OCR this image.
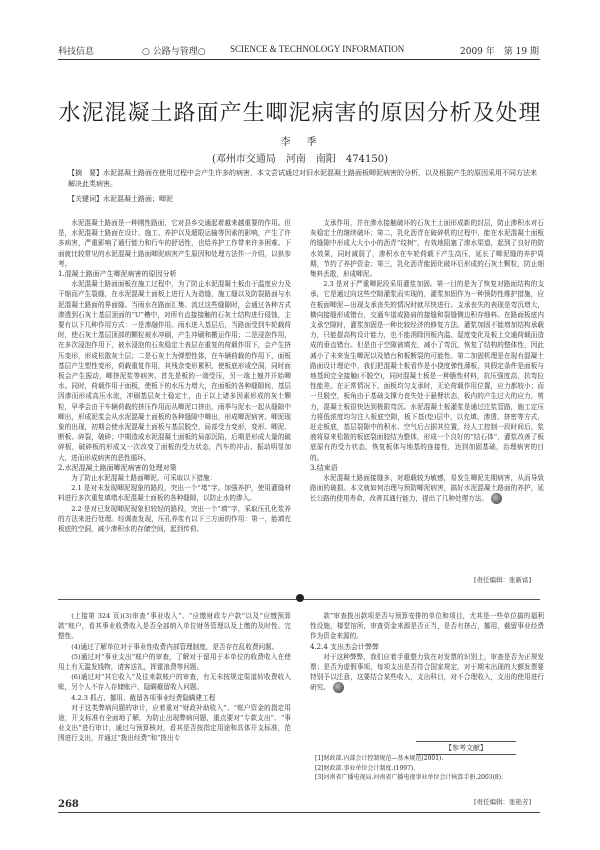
科技信息	○ 公路与管理○	SCIENCE & TECHNOLOGY INFORMATION	2009 年　第 19 期
水泥混凝土路面产生唧泥病害的原因分析及处理
李　季
(邓州市交通局　河南　南阳　474150)
【摘　要】水泥混凝土路面在使用过程中会产生许多的病害，本文尝试通过对旧水泥混凝土路面板唧泥病害的分析，以及根据产生的原因采用不同方法来解决此类病害。
【关键词】水泥混凝土路面；唧泥

水泥混凝土路面是一种刚性路面，它对县乡交通起着越来越重要的作用。但是，水泥混凝土路面在设计、施工、养护以及超限运输等因素的影响，产生了许多病害，严重影响了通行能力和行车的舒适性，也给养护工作带来许多困难。下面就比较常见的水泥混凝土路面唧泥病害产生原因和处理方法作一介绍，以供参考。

1.混凝土路面产生唧泥病害的原因分析

水泥混凝土路面面板在施工过程中，为了防止水泥混凝土板由于温度应力及干缩而产生裂缝，在水泥混凝土面板上进行人为造缝，施工缝以及防裂路面与水泥混凝土路面的界面缝。当雨水在路面汇集、流过这些缝隙时，会通过各种方式渗透到石灰土基层顶面的“U”槽中，对所有直接接触的石灰土结构进行侵蚀，主要有以下几种作用方式：一是渗融作用。雨水进入基层后，当路面受到车轮载荷时，使石灰土基层顶部的颗粒被水冲刷，产生冲刷和搬运作用；二是浸泡作用，在多次浸泡作用下，被水浸泡的石灰稳定土表层在重复的荷载作用下，会产生挤压变形，形成松散灰土层；二是石灰土为弹塑性体，在车辆荷载的作用下，面板基层产生塑性变形，荷载重复作用，其残余变形累积，使板底形成空洞，同时面板会产生振动，唧挤泥浆等病害。首先是板的一端受压，另一端上翘并开始唧水。同时，荷载作用于面板，使板下的水压力增大，在面板的各种缝隙间，基层因渗而形成高压水流，冲刷基层灰土稳定土，由于以上诸多因素形成的灰土颗粒，早季会由干车辆荷载的挤压作用而从唧泥口挤出，雨季与泥水一起从缝隙中唧出，形成泥浆会从水泥混凝土面板的各种缝隙中唧出，形成唧泥病害。唧泥现象的出现，初期会使水泥混凝土面板与基层脱空，局部受力变形，变形、唧泥、断板、碎裂，破碎；中期造成水泥混凝土面板的局部沉陷，后期是形成大量的破碎板，破碎板的形成又一次改变了面板的受力状态，汽车的冲击、振动明显加大，进而形成病害的恶性循环。

2.水泥混凝土路面唧泥病害的处理对策

为了防止水泥混凝土路面唧泥，可采取以下措施：

2.1 是对未发现唧泥现象的路段，突出一个“堵”字。加强养护，使用灌缝材料进行多次重复填堵水泥混凝土面板的各种缝隙，以防止水的渗入。

2.2 是对已发现唧泥现象但较轻的路段，突出一个“填”字，采取压孔化浆养的方法来进行处理。经调查发现，压孔养浆有以下三方面的作用：第一，能填充板底的空洞，减少渗积水的存储空间，起到传荷、

支承作用，并在渗水接触破坏的石灰土上面形成新的封层，防止渗积水对石灰稳定土的继续破坏；第二，乳化沥青在破碎机的过程中，能在水泥混凝土面板的缝隙中形成大大小小的沥青“纹树”，有效地阻塞了渗水渠道，起到了良好的防水效果，同时减弱了，渗积水在车轮荷载下产生高压，延长了唧泥缝的养护周期，节约了养护资金；第三，乳化沥青能固化破坏后形成的石灰土颗粒，防止细集料丢散，形成唧泥。

2.3 是对于严重唧泥段采用灌浆加固。第一目的是为了恢复对路面结构的支承，它是通过向这些空隙灌浆而实现的，灌浆加固作为一种预防性维护措施，应在板面唧泥—出现支承丧失的情况时就尽快进行。支承丧失的表现是弯沉增大，横向接缝形成错台，交通车道或路肩的接缝和裂缝侧边积存细料。在路面板底内支承空隙时，灌浆加固是一种比较经济的修复方法。灌浆加固不能增加结构承载力，只能提高构设计能力，也不能消除因板内温、湿度变化及板上交通荷载而造成的垂直错台。但是由于空隙被填充，减小了弯沉，恢复了结构的整体性，因此减小了未来发生唧泥以及错台和板断裂的可能性。第二加固机理是在现有混凝土路面设计理论中，我们把混凝土板看作是小挠度弹性薄板，其假定条件是面板与地基间完全接触(不脱空)，同时混凝土板是一种脆性材料，抗压强度高，抗弯拉性能差。在正常情况下，面板均匀支承时，无论荷载作用位置，应力都较小；而一旦脱空，板角由于基础支撑力丧失处于悬臂状态，板内的产生过大的应力，剪力，混凝土板很快达到极限弯沉。水泥混凝土板灌浆是通过注浆管路，施工定压力将低浓度均匀注入板底空隙，板下基(垫)层中，以充填、渗透、挤密等方式，赶走板底，基层裂隙中的积水、空气后占据其位置，经人工控制一段时间后，浆液将原来松散的板底裂面胶结为整体，形成一个良好的“结石体”，灌浆改善了板底原有的受力状态，恢复板体与地基的连接性，达到加固基础，治理病害的目的。

3.结束语

水泥混凝土路面接缝多，对超载较为敏感，易发生唧泥先期病害，从而导致路面的破损。本文就如何治理与预防唧泥病害，搞好水泥混凝土路面的养护，延长公路的使用寿命，改善其通行能力，提出了几种处理方法。

[责任编辑：张新富]

(上接第 324 页)(3)审查“事业收入”、“应缴财政专户款”以及“应缴预算款”账户，看其事业收费收入是否全部纳入单位财务管理以及上缴的及时性、完整性。

(4)通过了解单位对于事业性收费内部管理制度，是否存在乱收费问题。

(5)通过对“事业支出”账户的审查，了解对于留用于本单位的收费收入在使用上有无滥发钱物，请客送礼，挥霍浪费等问题。

(6)通过对“其它收入”及往来款账户的审查，有无未按规定渠道转收费收入账，另个人不存入存储账户，隐瞒截留收入问题。

4.2.3 抓占、挪用、截留各项事业经费隐瞒建工程

对于这类弊病问题的审计，应着重对“财政补助收入”、“账户资金的指定用途，开支标准有全面地了解，为防止出现弊病问题，重点要对“专款支出”、“事业支出”进行审计，通过与预算核对，看其是否按指定用途和具体开支标准，范围进行支出，并通过“拨出经费”和“拨出专

款”审查拨出款项是否与预算安排的单位和项目，尤其是一些单位搞的福利性设施，楼堂馆所，审查资金来源是否正当，是否有挤占，挪用，截留事业经费作为资金来源的。

4.2.4 支出杰会计弊弊

对于这种弊弊，我们应着手重整力致在对发票的识别上，审查是否为正规发票；是否为虚假事项，每项支出是否符合国家规定，对于期末出现的大额发票要特别予以注意，这要结合某些收入，支出科目，对不合理收入，支出的使用进行研究。

【参考文献】
[1]财政部.内部会计控制规范—基本规范(2001).
[2]财政部.事业单位会计制度.(1997).
[3]河南省广播电视局.河南省广播电视事业单位会计核算手册.2003(8).
[责任编辑：张艳芳]
268
